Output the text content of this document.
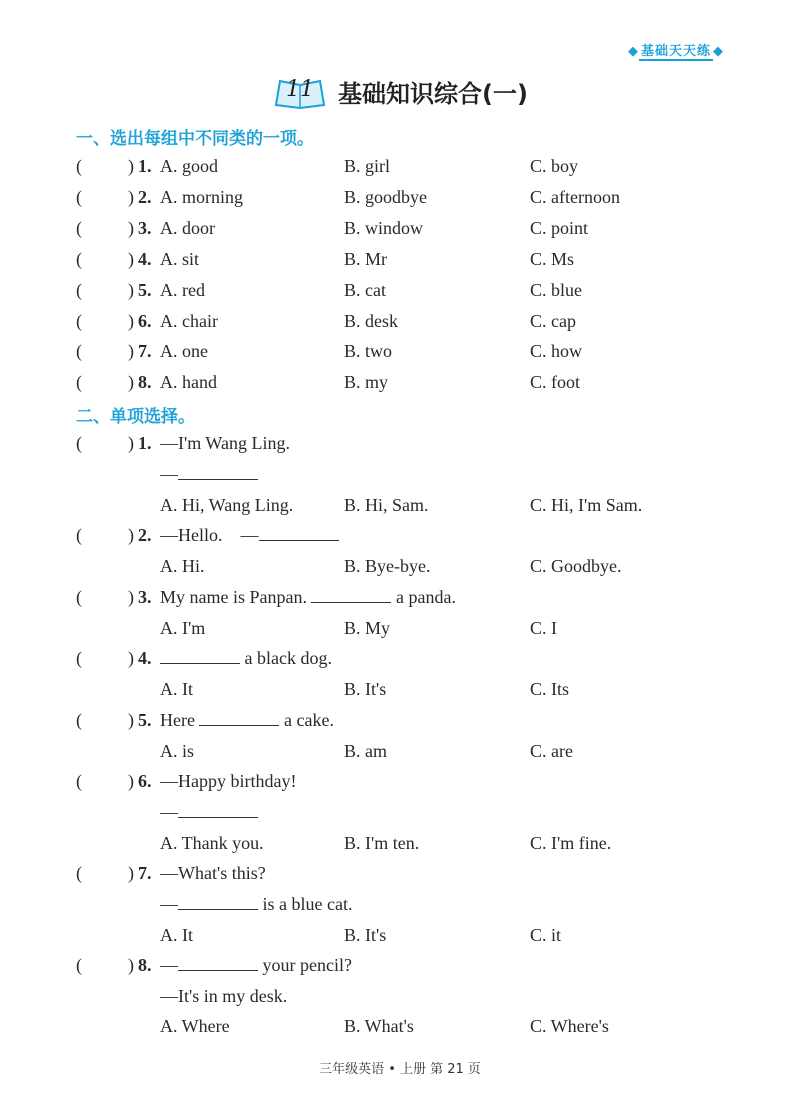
◆ 基础天天练 ◆
11	基础知识综合(一)
一、选出每组中不同类的一项。
(	) 1. A. good	B. girl	C. boy
(	) 2. A. morning	B. goodbye	C. afternoon
(	) 3. A. door	B. window	C. point
(	) 4. A. sit	B. Mr	C. Ms
(	) 5. A. red	B. cat	C. blue
(	) 6. A. chair	B. desk	C. cap
(	) 7. A. one	B. two	C. how
(	) 8. A. hand	B. my	C. foot
二、单项选择。
(	) 1. —I'm Wang Ling.
—
A. Hi, Wang Ling.	B. Hi, Sam.	C. Hi, I'm Sam.
(	) 2. —Hello. —
A. Hi.	B. Bye-bye.	C. Goodbye.
(	) 3. My name is Panpan.	a panda.
A. I'm	B. My	C. I
(	) 4.	a black dog.
A. It	B. It's	C. Its
(	) 5. Here	a cake.
A. is	B. am	C. are
(	) 6. —Happy birthday!
—
A. Thank you.	B. I'm ten.	C. I'm fine.
(	) 7. —What's this?
—	is a blue cat.
A. It	B. It's	C. it
(	) 8. —	your pencil?
—It's in my desk.
A. Where	B. What's	C. Where's
三年级英语 • 上册 第 21 页
